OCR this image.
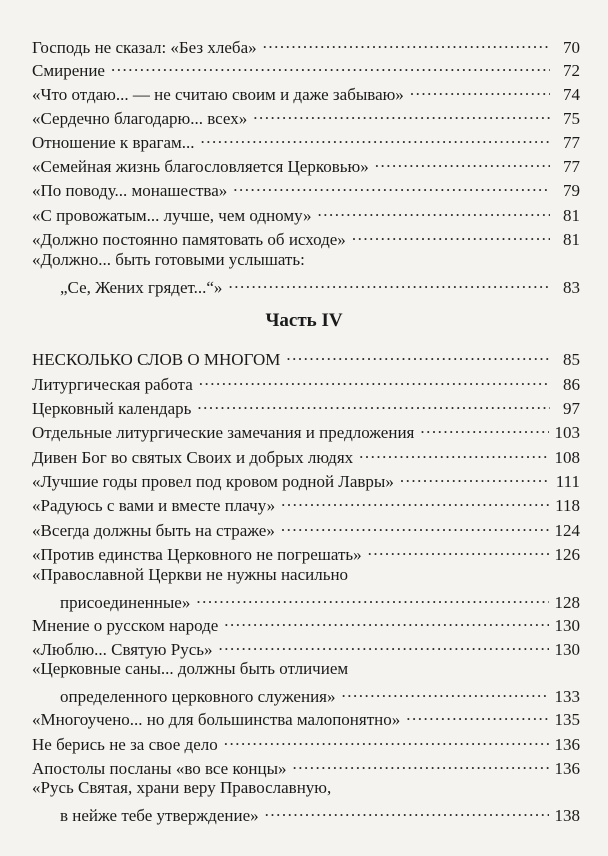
Часть IV
Господь не сказал: «Без хлеба» .....	70
Смирение .....	72
«Что отдаю... — не считаю своим и даже забываю» .....	74
«Сердечно благодарю... всех» .....	75
Отношение к врагам... .....	77
«Семейная жизнь благословляется Церковью» .....	77
«По поводу... монашества» .....	79
«С провожатым... лучше, чем одному» .....	81
«Должно постоянно памятовать об исходе» .....	81
«Должно... быть готовыми услышать:
„Се, Жених грядет...“» .....	83
НЕСКОЛЬКО СЛОВ О МНОГОМ .....	85
Литургическая работа .....	86
Церковный календарь .....	97
Отдельные литургические замечания и предложения .....	103
Дивен Бог во святых Своих и добрых людях .....	108
«Лучшие годы провел под кровом родной Лавры» .....	111
«Радуюсь с вами и вместе плачу» .....	118
«Всегда должны быть на страже» .....	124
«Против единства Церковного не погрешать» .....	126
«Православной Церкви не нужны насильно
присоединенные» .....	128
Мнение о русском народе .....	130
«Люблю... Святую Русь» .....	130
«Церковные саны... должны быть отличием
определенного церковного служения» .....	133
«Многоучено... но для большинства малопонятно» .....	135
Не берись не за свое дело .....	136
Апостолы посланы «во все концы» .....	136
«Русь Святая, храни веру Православную,
в нейже тебе утверждение» .....	138
